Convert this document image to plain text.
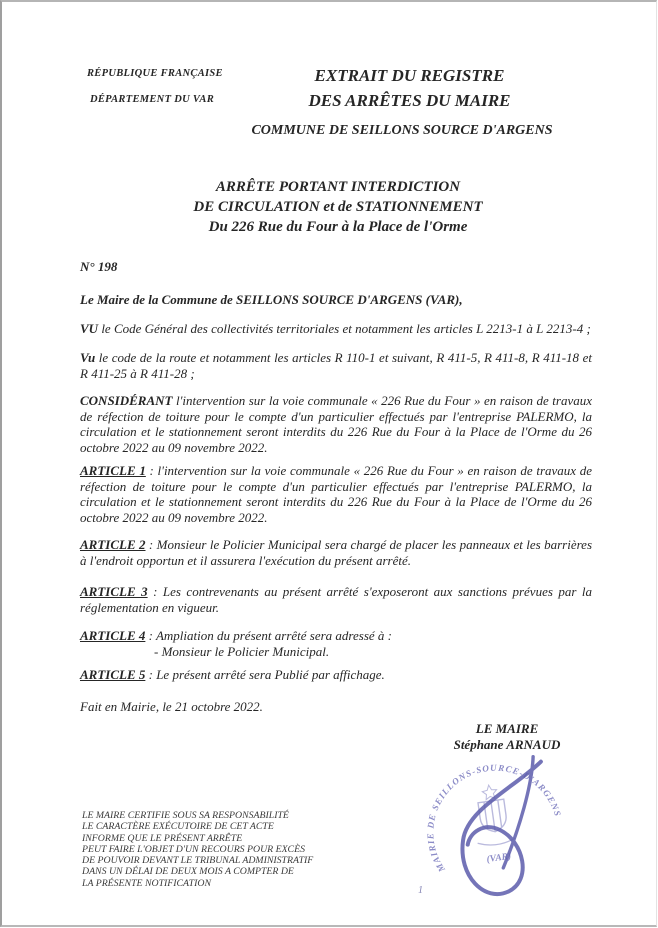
RÉPUBLIQUE FRANÇAISE
DÉPARTEMENT DU VAR
EXTRAIT DU REGISTRE
DES ARRÊTES DU MAIRE
COMMUNE DE SEILLONS SOURCE D'ARGENS
ARRÊTE PORTANT INTERDICTION
DE CIRCULATION et de STATIONNEMENT
Du 226 Rue du Four à la Place de l'Orme
N° 198
Le Maire de la Commune de SEILLONS SOURCE D'ARGENS (VAR),
VU le Code Général des collectivités territoriales et notamment les articles L 2213-1 à L 2213-4 ;
Vu le code de la route et notamment les articles R 110-1 et suivant, R 411-5, R 411-8, R 411-18 et R 411-25 à R 411-28 ;
CONSIDÉRANT l'intervention sur la voie communale « 226 Rue du Four » en raison de travaux de réfection de toiture pour le compte d'un particulier effectués par l'entreprise PALERMO, la circulation et le stationnement seront interdits du 226 Rue du Four à la Place de l'Orme du 26 octobre 2022 au 09 novembre 2022.
ARTICLE 1 : l'intervention sur la voie communale « 226 Rue du Four » en raison de travaux de réfection de toiture pour le compte d'un particulier effectués par l'entreprise PALERMO, la circulation et le stationnement seront interdits du 226 Rue du Four à la Place de l'Orme du 26 octobre 2022 au 09 novembre 2022.
ARTICLE 2 : Monsieur le Policier Municipal sera chargé de placer les panneaux et les barrières à l'endroit opportun et il assurera l'exécution du présent arrêté.
ARTICLE 3 : Les contrevenants au présent arrêté s'exposeront aux sanctions prévues par la réglementation en vigueur.
ARTICLE 4 : Ampliation du présent arrêté sera adressé à :
- Monsieur le Policier Municipal.
ARTICLE 5 : Le présent arrêté sera Publié par affichage.
Fait en Mairie, le 21 octobre 2022.
LE MAIRE
Stéphane ARNAUD
MAIRIE DE SEILLONS-SOURCE-D'ARGENS
(VAR)
LE MAIRE CERTIFIE SOUS SA RESPONSABILITÉ
LE CARACTÈRE EXÉCUTOIRE DE CET ACTE
INFORME QUE LE PRÉSENT ARRÊTE
PEUT FAIRE L'OBJET D'UN RECOURS POUR EXCÈS
DE POUVOIR DEVANT LE TRIBUNAL ADMINISTRATIF
DANS UN DÉLAI DE DEUX MOIS A COMPTER DE
LA PRÉSENTE NOTIFICATION
1
